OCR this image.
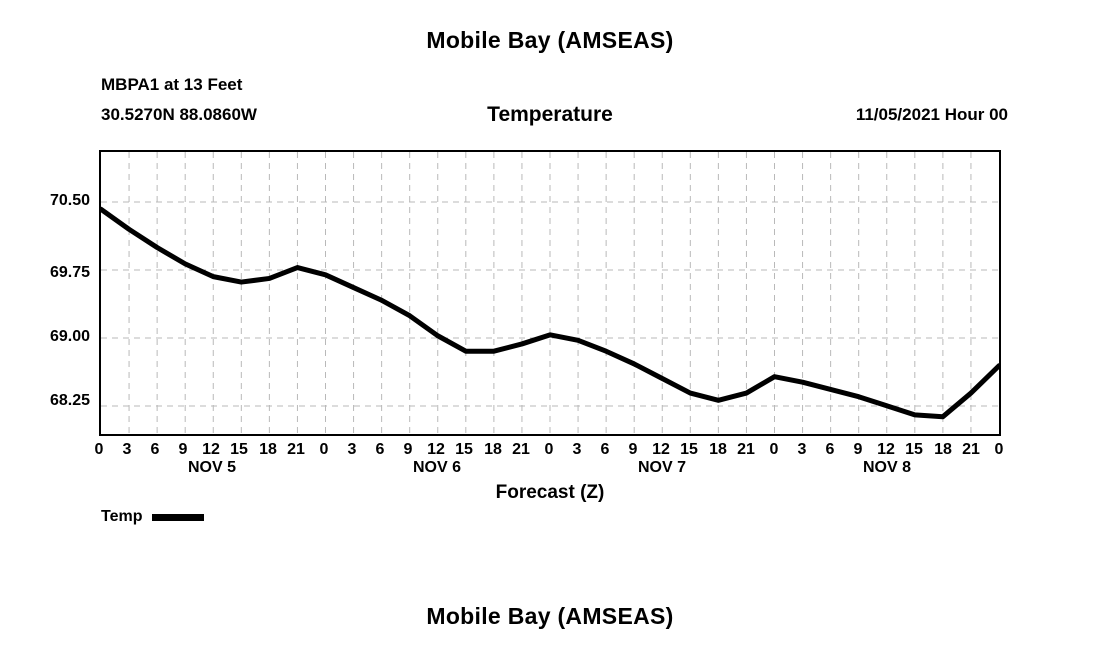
Mobile Bay (AMSEAS)
MBPA1 at 13 Feet
30.5270N 88.0860W	Temperature	11/05/2021 Hour 00
70.50
69.75
69.00
68.25
0	3	6	9 12 15 18 21 0	3	6	9 12 15 18 21 0	3	6	9 12 15 18 21 0	3	6	9 12 15 18 21 0
NOV 5	NOV 6	NOV 7	NOV 8
Forecast (Z)
Temp
Mobile Bay (AMSEAS)
